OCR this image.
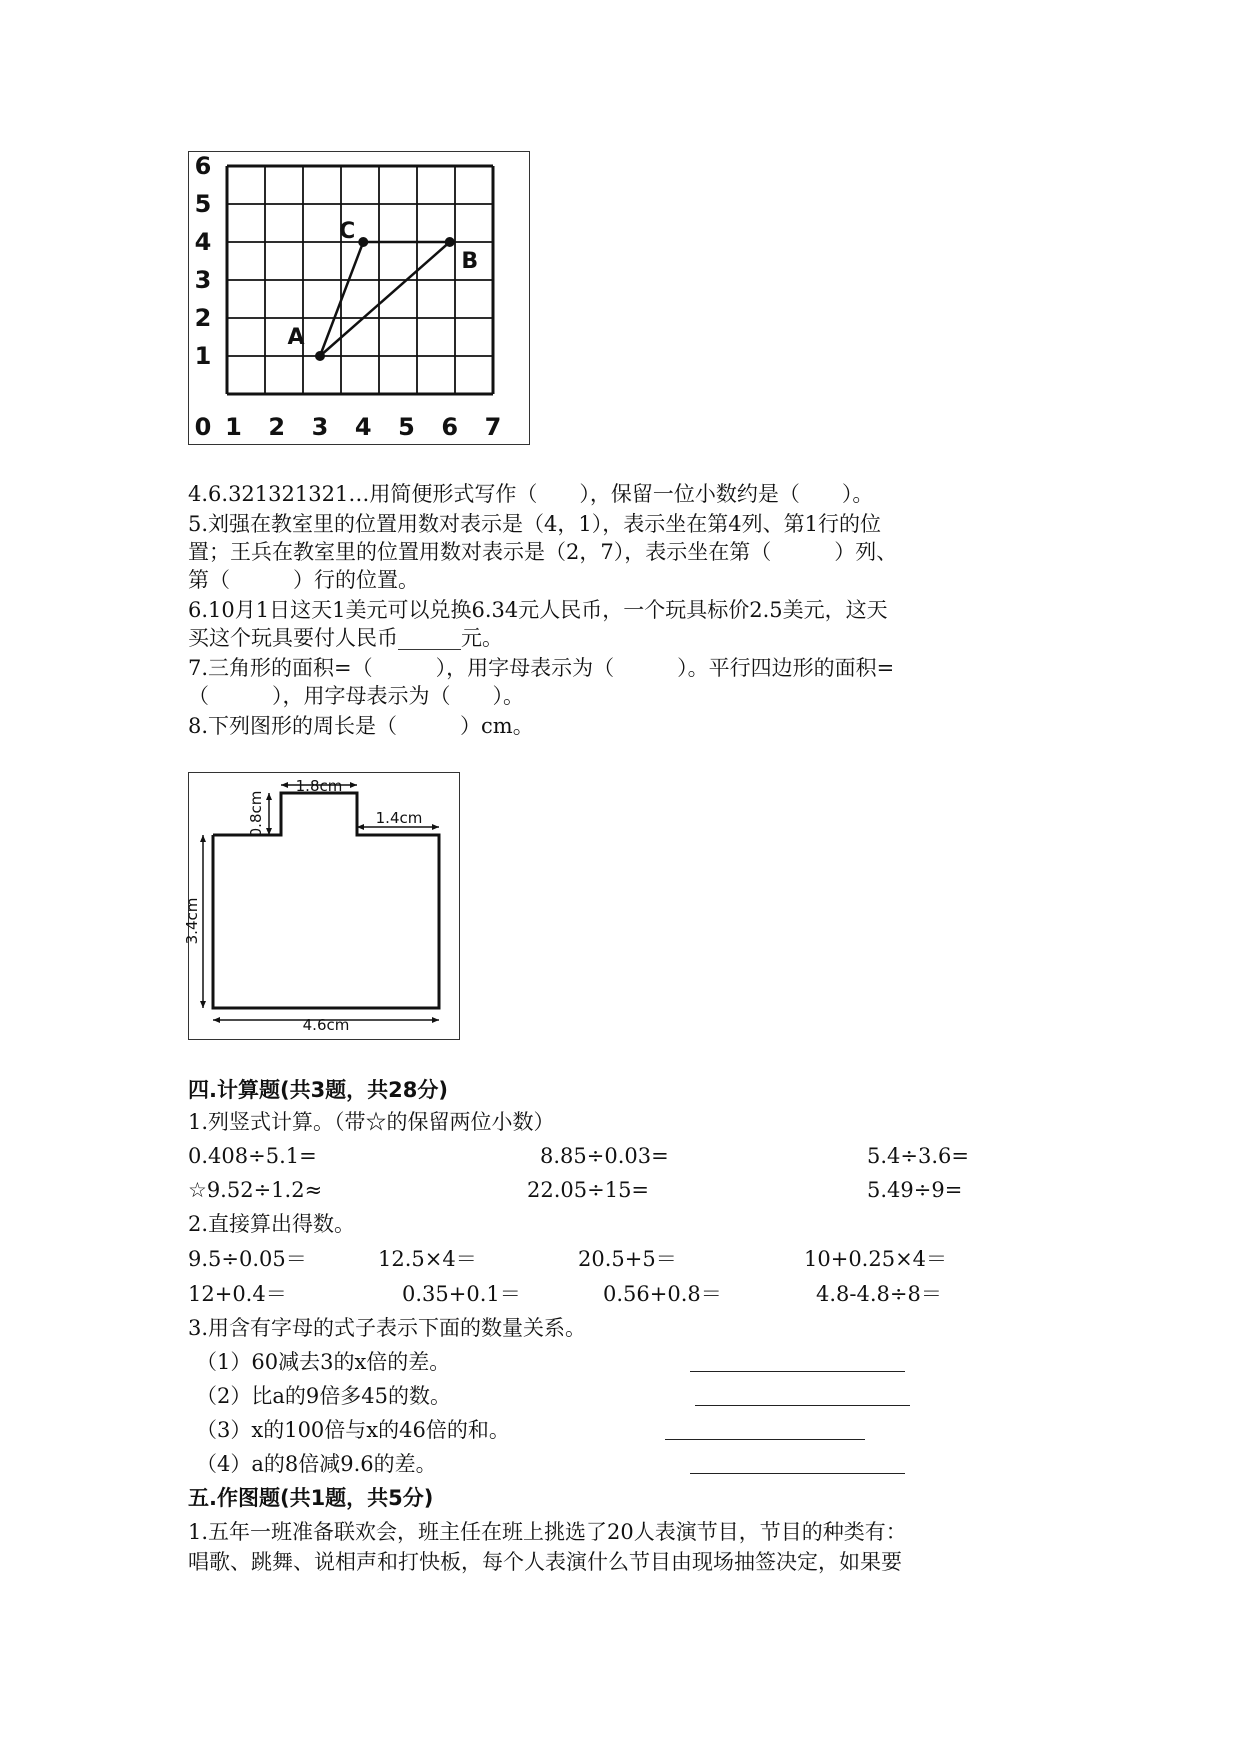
6
5
4
3
2
1
0 1 2 3 4 5 6 7
A
B
C
4.6.321321321…用简便形式写作（　　），保留一位小数约是（　　）。
5.刘强在教室里的位置用数对表示是（4，1），表示坐在第4列、第1行的位
置；王兵在教室里的位置用数对表示是（2，7），表示坐在第（　　　）列、
第（　　　）行的位置。
6.10月1日这天1美元可以兑换6.34元人民币，一个玩具标价2.5美元，这天
买这个玩具要付人民币______元。
7.三角形的面积=（　　　），用字母表示为（　　　）。平行四边形的面积=
（　　　），用字母表示为（　　）。
8.下列图形的周长是（　　　）cm。
1.8cm
0.8cm	1.4cm
3.4cm
4.6cm
四.计算题(共3题，共28分)
1.列竖式计算。（带☆的保留两位小数）
0.408÷5.1=	8.85÷0.03=	5.4÷3.6=
☆9.52÷1.2≈	22.05÷15=	5.49÷9=
2.直接算出得数。
9.5÷0.05＝	12.5×4＝	20.5+5＝	10+0.25×4＝
12+0.4＝	0.35+0.1＝	0.56+0.8＝	4.8-4.8÷8＝
3.用含有字母的式子表示下面的数量关系。
（1）60减去3的x倍的差。
（2）比a的9倍多45的数。
（3）x的100倍与x的46倍的和。
（4）a的8倍减9.6的差。
五.作图题(共1题，共5分)
1.五年一班准备联欢会，班主任在班上挑选了20人表演节目，节目的种类有：
唱歌、跳舞、说相声和打快板，每个人表演什么节目由现场抽签决定，如果要
